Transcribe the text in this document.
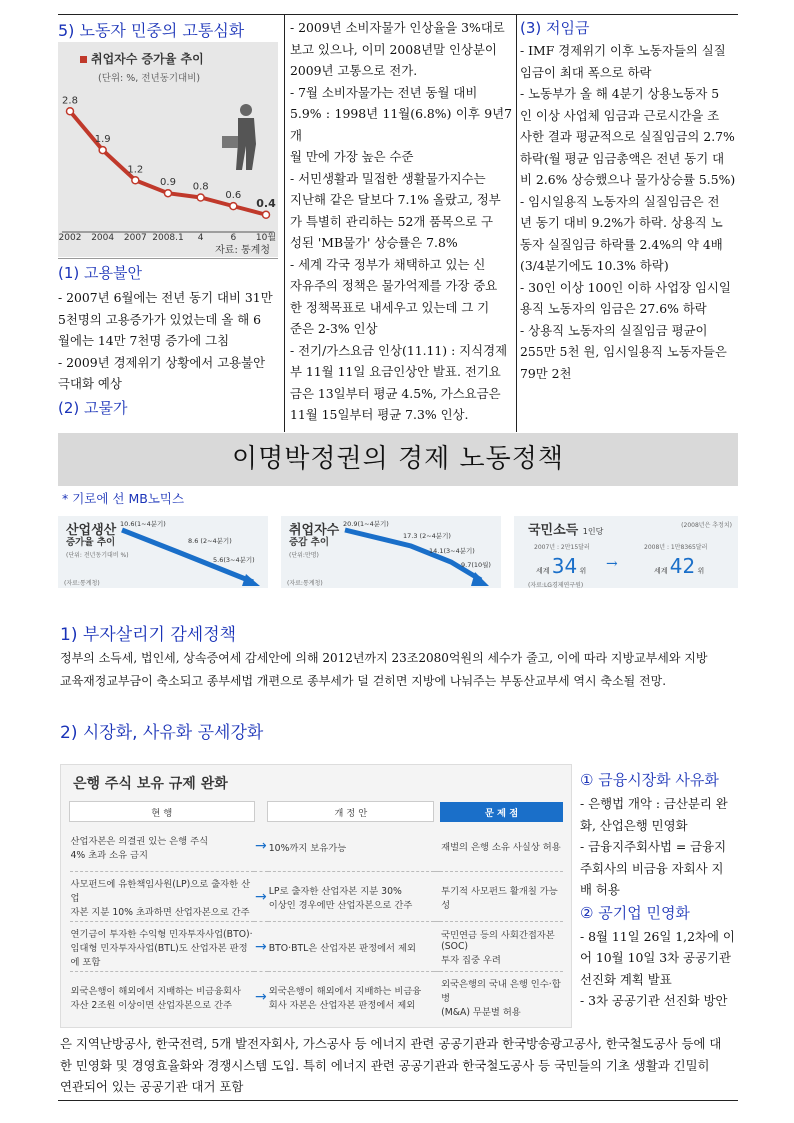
5) 노동자 민중의 고통심화

취업자수 증가율 추이
(단위: %, 전년동기대비)
2.8
2002
1.9
2004
1.2
2007
0.9
2008.1
0.8
4
0.6
6
0.4
10월
자료: 통계청

(1) 고용불안

- 2007년 6월에는 전년 동기 대비 31만

5천명의 고용증가가 있었는데 올 해 6

월에는 14만 7천명 증가에 그침

- 2009년 경제위기 상황에서 고용불안

극대화 예상

(2) 고물가

- 2009년 소비자물가 인상율을 3%대로

보고 있으나, 이미 2008년말 인상분이

2009년 고통으로 전가.

- 7월 소비자물가는 전년 동월 대비

5.9% : 1998년 11월(6.8%) 이후 9년7개

월 만에 가장 높은 수준

- 서민생활과 밀접한 생활물가지수는

지난해 같은 달보다 7.1% 올랐고, 정부

가 특별히 관리하는 52개 품목으로 구

성된 'MB물가' 상승률은 7.8%

- 세계 각국 정부가 채택하고 있는 신

자유주의 정책은 물가억제를 가장 중요

한 정책목표로 내세우고 있는데 그 기

준은 2-3% 인상

- 전기/가스요금 인상(11.11) : 지식경제

부 11월 11일 요금인상안 발표. 전기요

금은 13일부터 평균 4.5%, 가스요금은

11월 15일부터 평균 7.3% 인상.

(3) 저임금

- IMF 경제위기 이후 노동자들의 실질

임금이 최대 폭으로 하락

- 노동부가 올 해 4분기 상용노동자 5

인 이상 사업체 임금과 근로시간을 조

사한 결과 평균적으로 실질임금의 2.7%

하락(월 평균 임금총액은 전년 동기 대

비 2.6% 상승했으나 물가상승률 5.5%)

- 임시일용직 노동자의 실질임금은 전

년 동기 대비 9.2%가 하락. 상용직 노

동자 실질임금 하락률 2.4%의 약 4배

(3/4분기에도 10.3% 하락)

- 30인 이상 100인 이하 사업장 임시일

용직 노동자의 임금은 27.6% 하락

- 상용직 노동자의 실질임금 평균이

255만 5천 원, 임시일용직 노동자들은

79만 2천

이명박정권의 경제 노동정책
* 기로에 선 MB노믹스
산업생산
증가율 추이
(단위: 전년동기대비 %)
(자료:통계청)
10.6(1~4분기)
8.6 (2~4분기)
5.6(3~4분기)
취업자수
증감 추이
(단위:만명)
(자료:통계청)
20.9(1~4분기)
17.3 (2~4분기)
14.1(3~4분기)
9.7(10월)
국민소득 1인당
(2008년은 추정치)
2007년 : 2만15달러	2008년 : 1만8365달러
→
세계 34 위	세계 42 위
(자료:LG경제연구원)

1) 부자살리기 감세정책

정부의 소득세, 법인세, 상속증여세 감세안에 의해 2012년까지 23조2080억원의 세수가 줄고, 이에 따라 지방교부세와 지방

교육재정교부금이 축소되고 종부세법 개편으로 종부세가 덜 걷히면 지방에 나눠주는 부동산교부세 역시 축소될 전망.

2) 시장화, 사유화 공세강화

은행 주식 보유 규제 완화
현 행		개 정 안		문 제 점
산업자본은 의결권 있는 은행 주식
4% 초과 소유 금지	→	10%까지 보유가능		재벌의 은행 소유 사실상 허용
사모펀드에 유한책임사원(LP)으로 출자한 산업
자본 지분 10% 초과하면 산업자본으로 간주	→	LP로 출자한 산업자본 지분 30%
이상인 경우에만 산업자본으로 간주		투기적 사모펀드 활개칠 가능성
연기금이 투자한 수익형 민자투자사업(BTO)·
임대형 민자투자사업(BTL)도 산업자본 판정에 포함	→	BTO·BTL은 산업자본 판정에서 제외		국민연금 등의 사회간접자본(SOC)
투자 집중 우려
외국은행이 해외에서 지배하는 비금융회사
자산 2조원 이상이면 산업자본으로 간주	→	외국은행이 해외에서 지배하는 비금융
회사 자본은 산업자본 판정에서 제외		외국은행의 국내 은행 인수·합병
(M&A) 무분별 허용

① 금융시장화 사유화

- 은행법 개악 : 금산분리 완

화, 산업은행 민영화

- 금융지주회사법 = 금융지

주회사의 비금융 자회사 지

배 허용

② 공기업 민영화

- 8월 11일 26일 1,2차에 이

어 10월 10일 3차 공공기관

선진화 계획 발표

- 3차 공공기관 선진화 방안

은 지역난방공사, 한국전력, 5개 발전자회사, 가스공사 등 에너지 관련 공공기관과 한국방송광고공사, 한국철도공사 등에 대

한 민영화 및 경영효율화와 경쟁시스템 도입. 특히 에너지 관련 공공기관과 한국철도공사 등 국민들의 기초 생활과 긴밀히

연관되어 있는 공공기관 대거 포함
